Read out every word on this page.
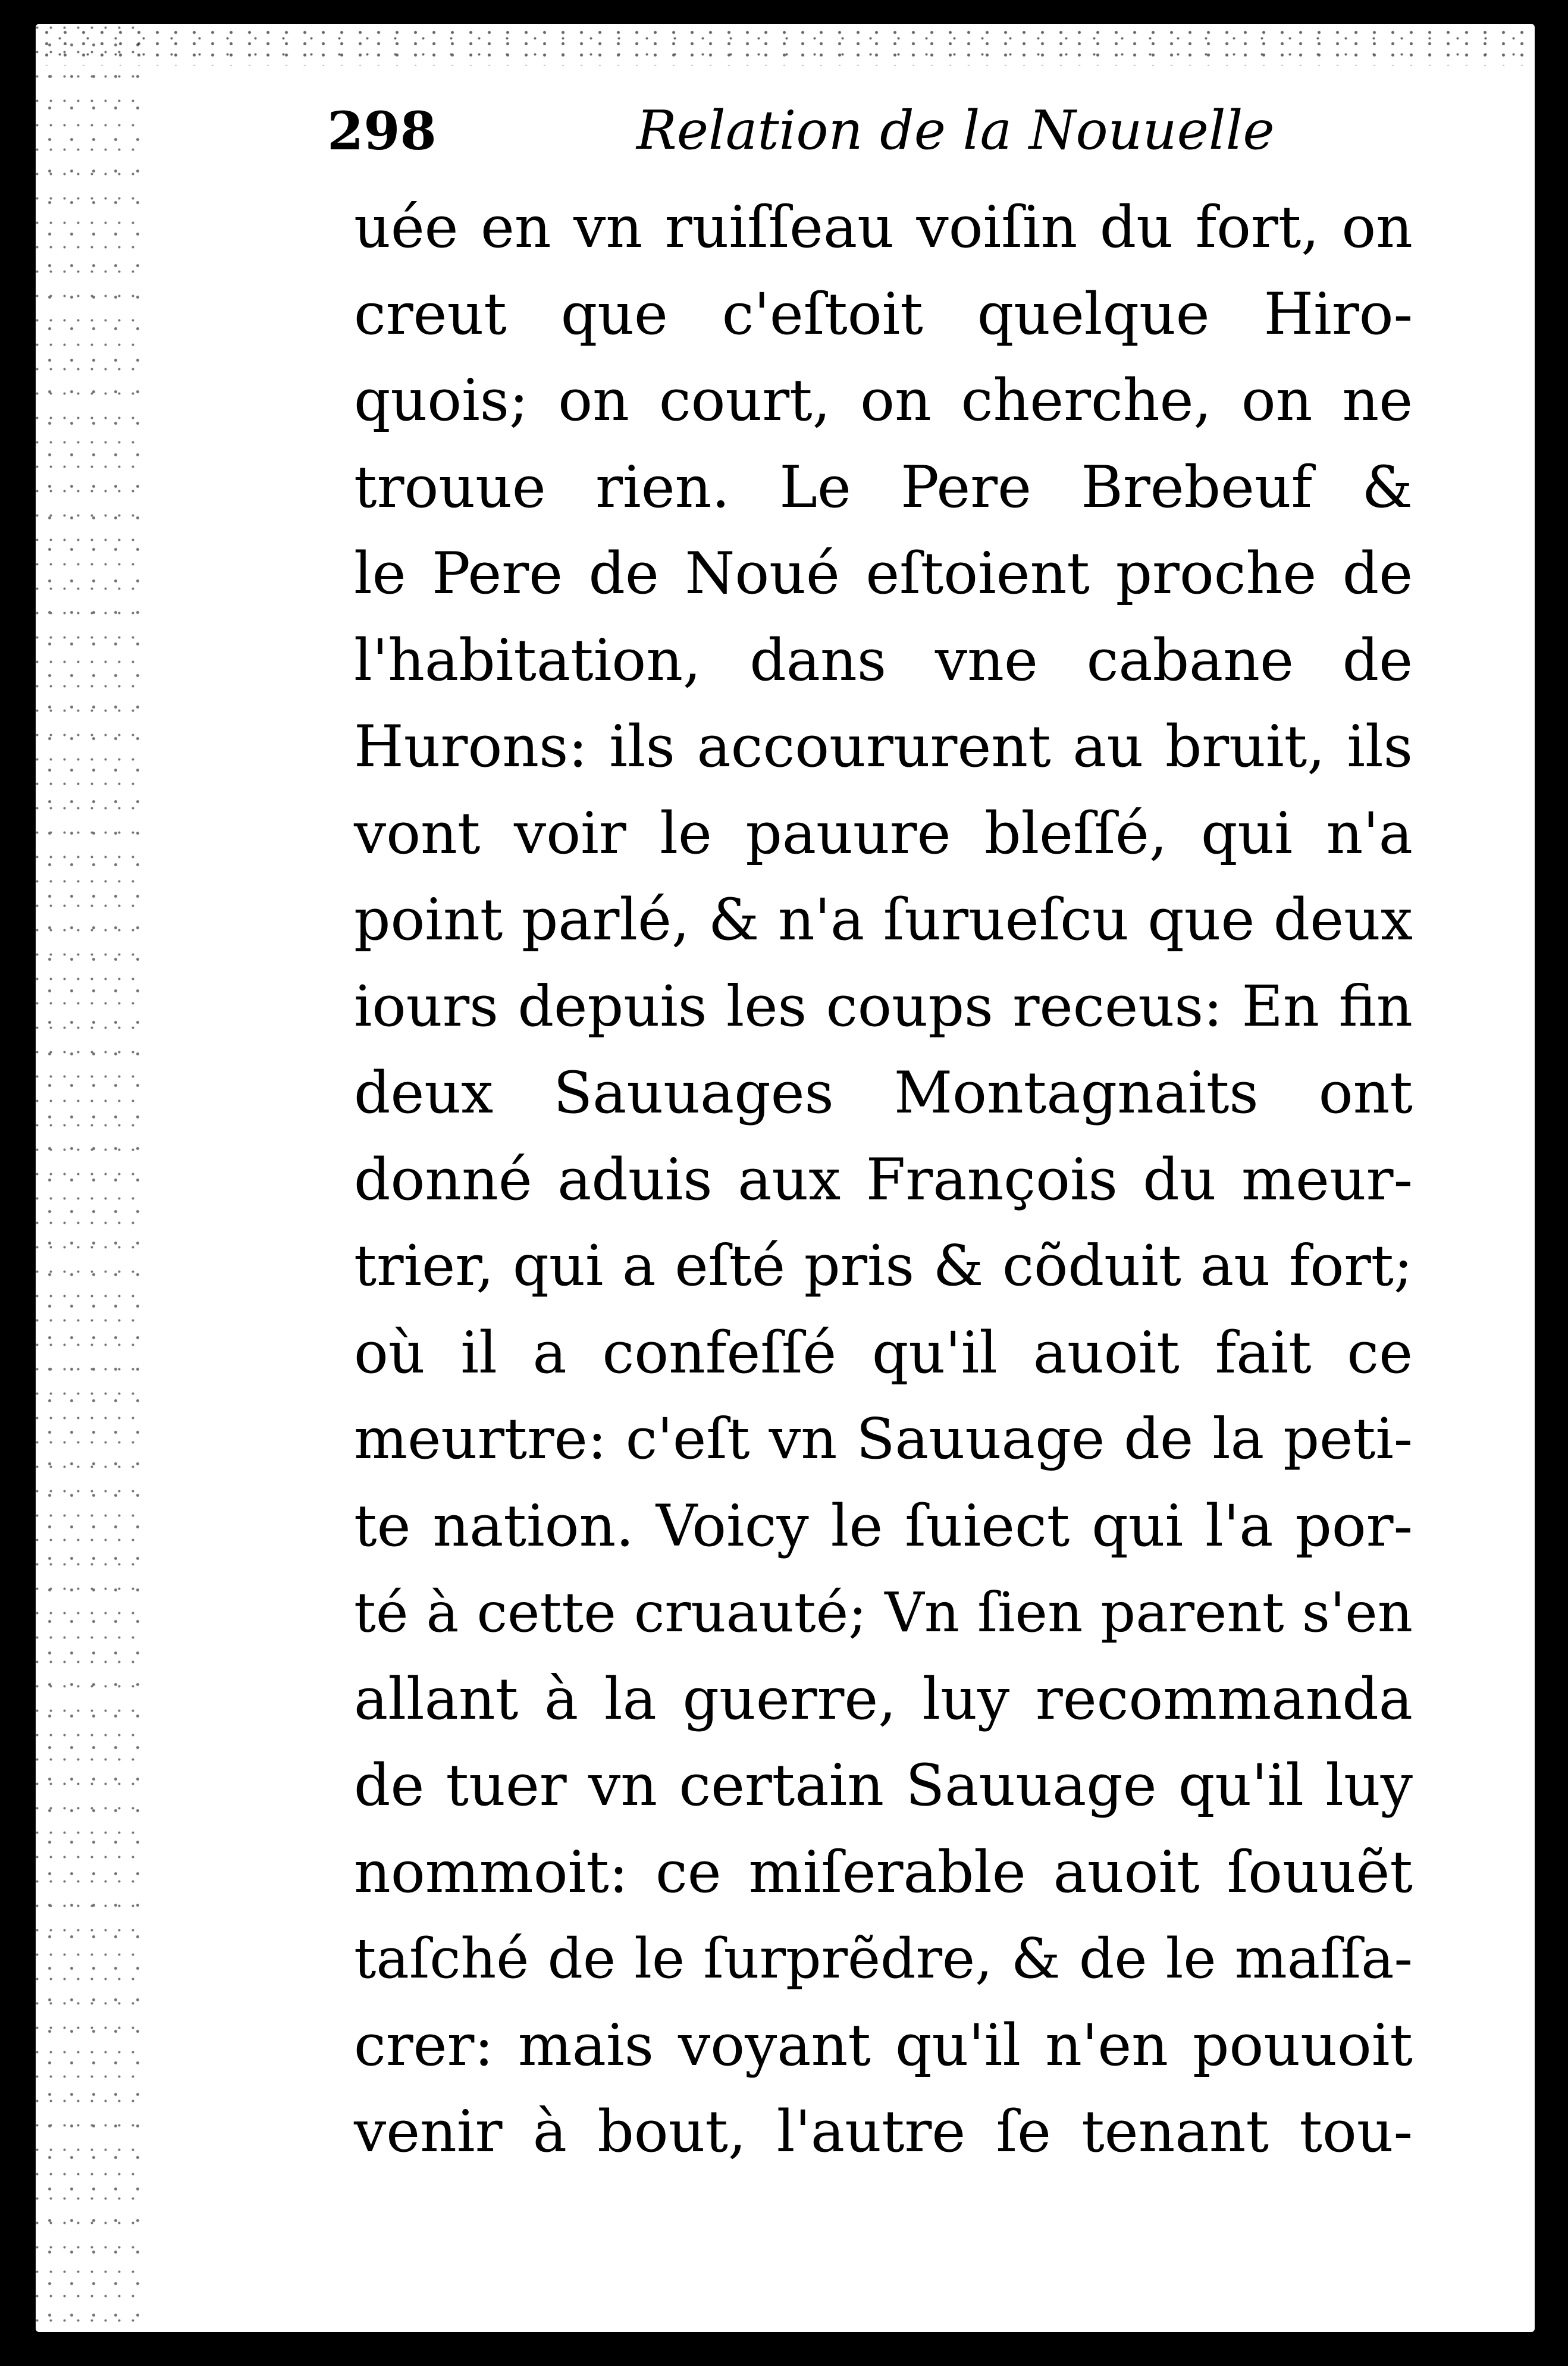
298	Relation de la Nouuelle
uée en vn ruiſſeau voiſin du fort, on
creut que c'eſtoit quelque Hiro-
quois; on court, on cherche, on ne
trouue rien. Le Pere Brebeuf &
le Pere de Noué eſtoient proche de
l'habitation, dans vne cabane de
Hurons: ils accoururent au bruit, ils
vont voir le pauure bleſſé, qui n'a
point parlé, & n'a ſurueſcu que deux
iours depuis les coups receus: En fin
deux Sauuages Montagnaits ont
donné aduis aux François du meur-
trier, qui a eſté pris & cõduit au fort;
où il a confeſſé qu'il auoit fait ce
meurtre: c'eſt vn Sauuage de la peti-
te nation. Voicy le ſuiect qui l'a por-
té à cette cruauté; Vn ſien parent s'en
allant à la guerre, luy recommanda
de tuer vn certain Sauuage qu'il luy
nommoit: ce miſerable auoit ſouuẽt
taſché de le ſurprẽdre, & de le maſſa-
crer: mais voyant qu'il n'en pouuoit
venir à bout, l'autre ſe tenant tou-
